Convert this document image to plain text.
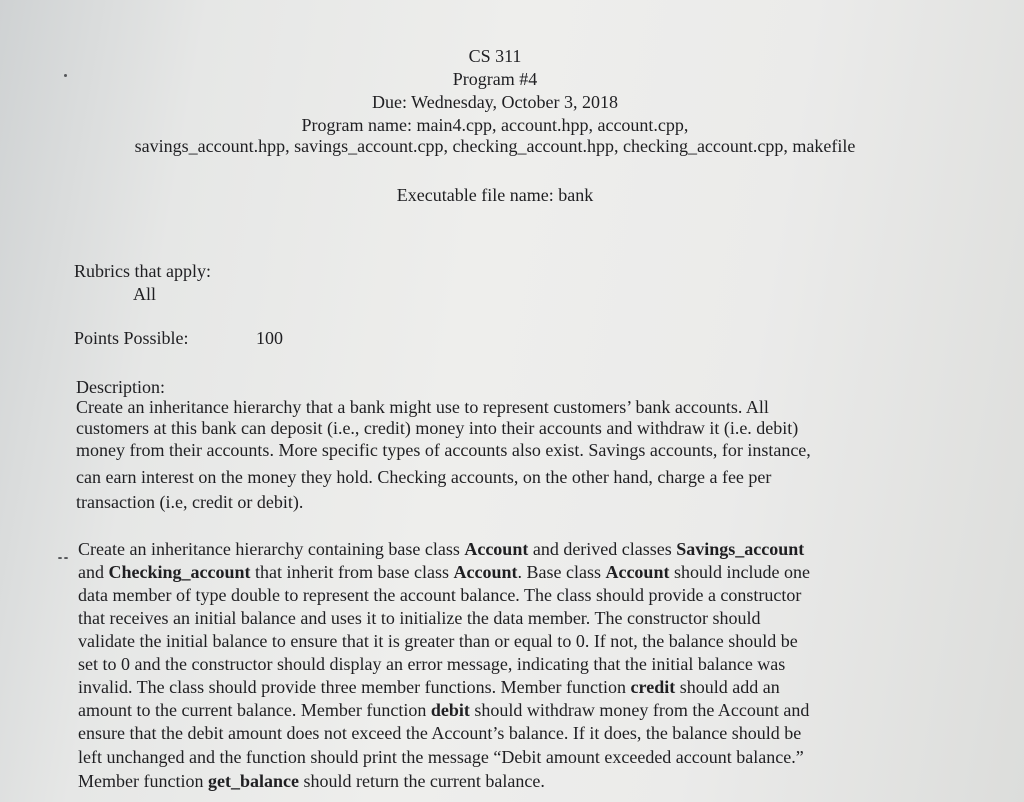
CS 311
Program #4
Due: Wednesday, October 3, 2018
Program name: main4.cpp, account.hpp, account.cpp,
savings_account.hpp, savings_account.cpp, checking_account.hpp, checking_account.cpp, makefile
Executable file name: bank
Rubrics that apply:
All
Points Possible:	100
Description:
Create an inheritance hierarchy that a bank might use to represent customers’ bank accounts. All
customers at this bank can deposit (i.e., credit) money into their accounts and withdraw it (i.e. debit)
money from their accounts. More specific types of accounts also exist. Savings accounts, for instance,
can earn interest on the money they hold. Checking accounts, on the other hand, charge a fee per
transaction (i.e, credit or debit).
Create an inheritance hierarchy containing base class Account and derived classes Savings_account
and Checking_account that inherit from base class Account. Base class Account should include one
data member of type double to represent the account balance. The class should provide a constructor
that receives an initial balance and uses it to initialize the data member. The constructor should
validate the initial balance to ensure that it is greater than or equal to 0. If not, the balance should be
set to 0 and the constructor should display an error message, indicating that the initial balance was
invalid. The class should provide three member functions. Member function credit should add an
amount to the current balance. Member function debit should withdraw money from the Account and
ensure that the debit amount does not exceed the Account’s balance. If it does, the balance should be
left unchanged and the function should print the message “Debit amount exceeded account balance.”
Member function get_balance should return the current balance.
